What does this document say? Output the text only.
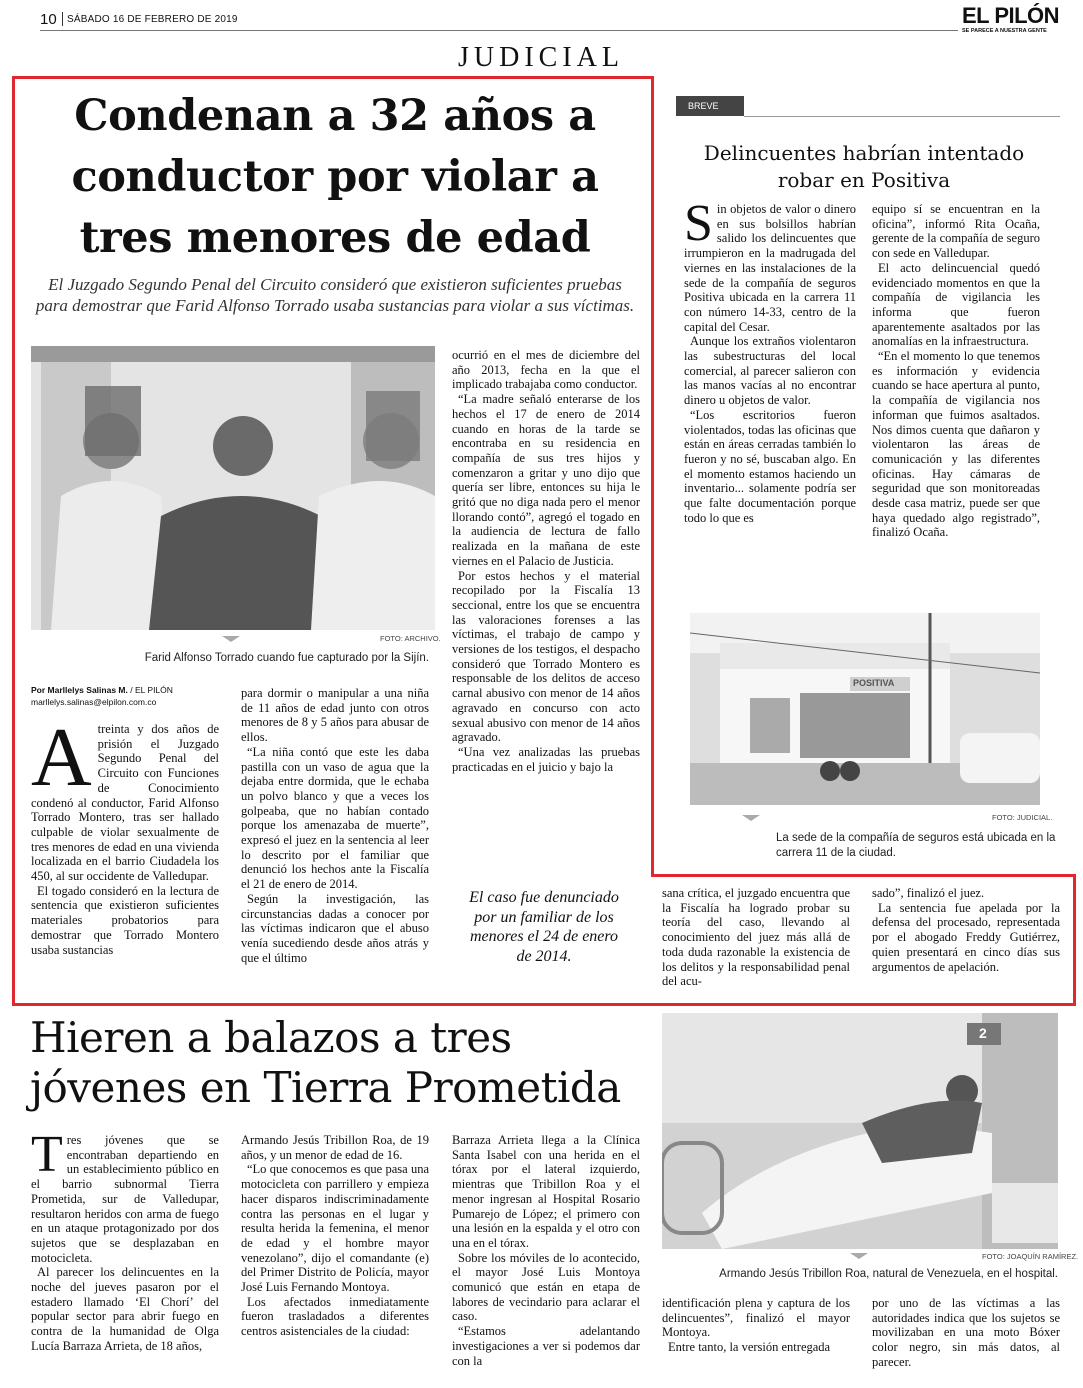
10 SÁBADO 16 DE FEBRERO DE 2019	EL PILÓN
SE PARECE A NUESTRA GENTE
JUDICIAL
Condenan a 32 años a
conductor por violar a
tres menores de edad
El Juzgado Segundo Penal del Circuito consideró que existieron suficientes pruebas para demostrar que Farid Alfonso Torrado usaba sustancias para violar a sus víctimas.
FOTO: ARCHIVO.
Farid Alfonso Torrado cuando fue capturado por la Sijín.
Por Marllelys Salinas M. / EL PILÓN
marllelys.salinas@elpilon.com.co

Atreinta y dos años de prisión el Juzgado Segundo Penal del Circuito con Funciones de Conocimiento condenó al conductor, Farid Alfonso Torrado Montero, tras ser hallado culpable de violar sexualmente de tres menores de edad en una vivienda localizada en el barrio Ciudadela los 450, al sur occidente de Valledupar.

El togado consideró en la lectura de sentencia que existieron suficientes materiales probatorios para demostrar que Torrado Montero usaba sustancias

para dormir o manipular a una niña de 11 años de edad junto con otros menores de 8 y 5 años para abusar de ellos.

“La niña contó que este les daba pastilla con un vaso de agua que la dejaba entre dormida, que le echaba un polvo blanco y que a veces los golpeaba, que no habían contado porque los amenazaba de muerte”, expresó el juez en la sentencia al leer lo descrito por el familiar que denunció los hechos ante la Fiscalía el 21 de enero de 2014.

Según la investigación, las circunstancias dadas a conocer por las víctimas indicaron que el abuso venía sucediendo desde años atrás y que el último

ocurrió en el mes de diciembre del año 2013, fecha en la que el implicado trabajaba como conductor.

“La madre señaló enterarse de los hechos el 17 de enero de 2014 cuando en horas de la tarde se encontraba en su residencia en compañía de sus tres hijos y comenzaron a gritar y uno dijo que quería ser libre, entonces su hija le gritó que no diga nada pero el menor llorando contó”, agregó el togado en la audiencia de lectura de fallo realizada en la mañana de este viernes en el Palacio de Justicia.

Por estos hechos y el material recopilado por la Fiscalía 13 seccional, entre los que se encuentra las valoraciones forenses a las víctimas, el trabajo de campo y versiones de los testigos, el despacho consideró que Torrado Montero es responsable de los delitos de acceso carnal abusivo con menor de 14 años agravado en concurso con acto sexual abusivo con menor de 14 años agravado.

“Una vez analizadas las pruebas practicadas en el juicio y bajo la

El caso fue denunciado por un familiar de los menores el 24 de enero de 2014.

sana crítica, el juzgado encuentra que la Fiscalía ha logrado probar su teoría del caso, llevando al conocimiento del juez más allá de toda duda razonable la existencia de los delitos y la responsabilidad penal del acu-

sado”, finalizó el juez.

La sentencia fue apelada por la defensa del procesado, representada por el abogado Freddy Gutiérrez, quien presentará en cinco días sus argumentos de apelación.

BREVE
Delincuentes habrían intentado
robar en Positiva

Sin objetos de valor o dinero en sus bolsillos habrían salido los delincuentes que irrumpieron en la madrugada del viernes en las instalaciones de la sede de la compañía de seguros Positiva ubicada en la carrera 11 con número 14-33, centro de la capital del Cesar.

Aunque los extraños violentaron las subestructuras del local comercial, al parecer salieron con las manos vacías al no encontrar dinero u objetos de valor.

“Los escritorios fueron violentados, todas las oficinas que están en áreas cerradas también lo fueron y no sé, buscaban algo. En el momento estamos haciendo un inventario... solamente podría ser que falte documentación porque todo lo que es

equipo sí se encuentran en la oficina”, informó Rita Ocaña, gerente de la compañía de seguro con sede en Valledupar.

El acto delincuencial quedó evidenciado momentos en que la compañía de vigilancia les informa que fueron aparentemente asaltados por las anomalías en la infraestructura.

“En el momento lo que tenemos es información y evidencia cuando se hace apertura al punto, la compañía de vigilancia nos informan que fuimos asaltados. Nos dimos cuenta que dañaron y violentaron las áreas de comunicación y las diferentes oficinas. Hay cámaras de seguridad que son monitoreadas desde casa matriz, puede ser que haya quedado algo registrado”, finalizó Ocaña.

POSITIVA
FOTO: JUDICIAL.
La sede de la compañía de seguros está ubicada en la carrera 11 de la ciudad.
Hieren a balazos a tres
jóvenes en Tierra Prometida
2
FOTO: JOAQUÍN RAMÍREZ.
Armando Jesús Tribillon Roa, natural de Venezuela, en el hospital.

Tres jóvenes que se encontraban departiendo en un establecimiento público en el barrio subnormal Tierra Prometida, sur de Valledupar, resultaron heridos con arma de fuego en un ataque protagonizado por dos sujetos que se desplazaban en motocicleta.

Al parecer los delincuentes en la noche del jueves pasaron por el estadero llamado ‘El Chorí’ del popular sector para abrir fuego en contra de la humanidad de Olga Lucía Barraza Arrieta, de 18 años,

Armando Jesús Tribillon Roa, de 19 años, y un menor de edad de 16.

“Lo que conocemos es que pasa una motocicleta con parrillero y empieza hacer disparos indiscriminadamente contra las personas en el lugar y resulta herida la femenina, el menor de edad y el hombre mayor venezolano”, dijo el comandante (e) del Primer Distrito de Policía, mayor José Luis Fernando Montoya.

Los afectados inmediatamente fueron trasladados a diferentes centros asistenciales de la ciudad:

Barraza Arrieta llega a la Clínica Santa Isabel con una herida en el tórax por el lateral izquierdo, mientras que Tribillon Roa y el menor ingresan al Hospital Rosario Pumarejo de López; el primero con una lesión en la espalda y el otro con una en el tórax.

Sobre los móviles de lo acontecido, el mayor José Luis Montoya comunicó que están en etapa de labores de vecindario para aclarar el caso.

“Estamos adelantando investigaciones a ver si podemos dar con la

identificación plena y captura de los delincuentes”, finalizó el mayor Montoya.

Entre tanto, la versión entregada

por uno de las víctimas a las autoridades indica que los sujetos se movilizaban en una moto Bóxer color negro, sin más datos, al parecer.
